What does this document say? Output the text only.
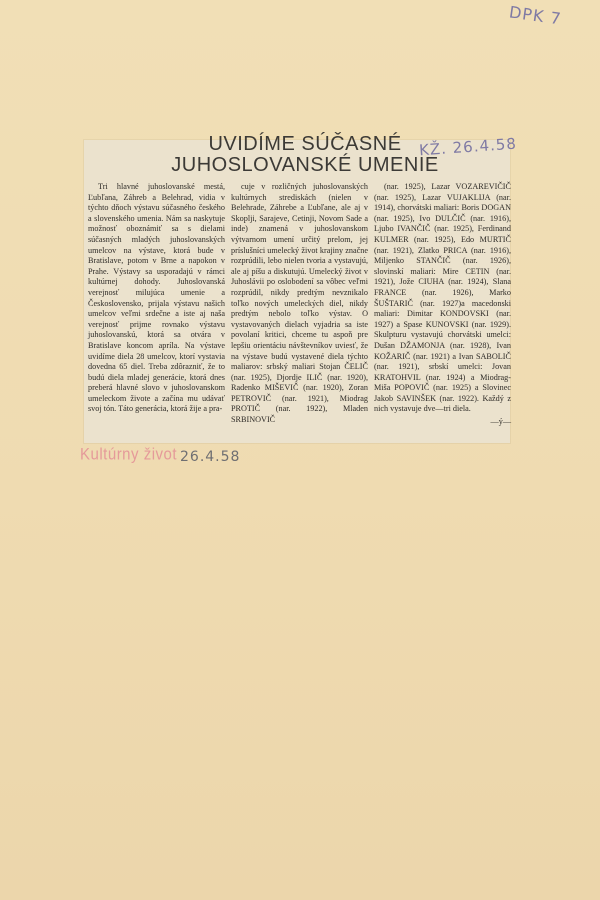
DPK 7
UVIDÍME SÚČASNÉ
JUHOSLOVANSKÉ UMENIE
KŽ. 26.4.58

Tri hlavné juhoslovanské mestá, Ľubľana, Záhreb a Belehrad, vidia v týchto dňoch výstavu súčasného českého a slovenského umenia. Nám sa naskytuje možnosť oboznámiť sa s dielami súčasných mladých juhoslovanských umelcov na výstave, ktorá bude v Bratislave, potom v Brne a napokon v Prahe. Výstavy sa usporadajú v rámci kultúrnej dohody. Juhoslovanská verejnosť milujúca umenie a Československo, prijala výstavu našich umelcov veľmi srdečne a iste aj naša verejnosť prijme rovnako výstavu juhoslovanskú, ktorá sa otvára v Bratislave koncom apríla. Na výstave uvidíme diela 28 umelcov, ktorí vystavia dovedna 65 diel. Treba zdôrazniť, že to budú diela mladej generácie, ktorá dnes preberá hlavné slovo v juhoslovanskom umeleckom živote a začína mu udávať svoj tón. Táto generácia, ktorá žije a pra-

cuje v rozličných juhoslovanských kultúrnych strediskách (nielen v Belehrade, Záhrebe a Ľubľane, ale aj v Skoplji, Sarajeve, Cetinji, Novom Sade a inde) znamená v juhoslovanskom výtvarnom umení určitý prelom, jej príslušníci umelecký život krajiny značne rozprúdili, lebo nielen tvoria a vystavujú, ale aj píšu a diskutujú. Umelecký život v Juhoslávii po oslobodení sa vôbec veľmi rozprúdil, nikdy predtým nevznikalo toľko nových umeleckých diel, nikdy predtým nebolo toľko výstav. O vystavovaných dielach vyjadria sa iste povolaní kritici, chceme tu aspoň pre lepšiu orientáciu návštevníkov uviesť, že na výstave budú vystavené diela týchto maliarov: srbský maliari Stojan ČELIČ (nar. 1925), Djordje ILIČ (nar. 1920), Radenko MIŠEVIČ (nar. 1920), Zoran PETROVIČ (nar. 1921), Miodrag PROTIČ (nar. 1922), Mladen SRBINOVIČ

(nar. 1925), Lazar VOZAREVIČIČ (nar. 1925), Lazar VUJAKLIJA (nar. 1914), chorvátski maliari: Boris DOGAN (nar. 1925), Ivo DULČIČ (nar. 1916), Ljubo IVANČIČ (nar. 1925), Ferdinand KULMER (nar. 1925), Edo MURTIČ (nar. 1921), Zlatko PRICA (nar. 1916), Miljenko STANČIČ (nar. 1926), slovinskí maliari: Mire CETIN (nar. 1921), Jože CIUHA (nar. 1924), Slana FRANCE (nar. 1926), Marko ŠUŠTARIČ (nar. 1927)a macedonski maliari: Dimitar KONDOVSKI (nar. 1927) a Spase KUNOVSKI (nar. 1929). Skulpturu vystavujú chorvátski umelci: Dušan DŽAMONJA (nar. 1928), Ivan KOŽARIČ (nar. 1921) a Ivan SABOLIČ (nar. 1921), srbskí umelci: Jovan KRATOHVIL (nar. 1924) a Miodrag-Miša POPOVIČ (nar. 1925) a Slovinec Jakob SAVINŠEK (nar. 1922). Každý z nich vystavuje dve—tri diela.

—ý—
Kultúrny život 26.4.58
